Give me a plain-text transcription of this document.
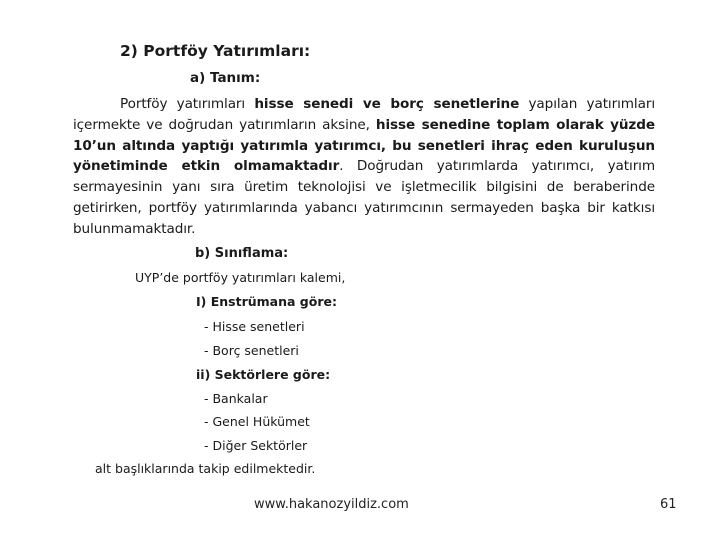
2) Portföy Yatırımları:
a) Tanım:
Portföy yatırımları hisse senedi ve borç senetlerine yapılan yatırımları içermekte ve doğrudan yatırımların aksine, hisse senedine toplam olarak yüzde 10’un altında yaptığı yatırımla yatırımcı, bu senetleri ihraç eden kuruluşun yönetiminde etkin olmamaktadır. Doğrudan yatırımlarda yatırımcı, yatırım sermayesinin yanı sıra üretim teknolojisi ve işletmecilik bilgisini de beraberinde getirirken, portföy yatırımlarında yabancı yatırımcının sermayeden başka bir katkısı bulunmamaktadır.
b) Sınıflama:
UYP’de portföy yatırımları kalemi,
I) Enstrümana göre:
- Hisse senetleri
- Borç senetleri
ii) Sektörlere göre:
- Bankalar
- Genel Hükümet
- Diğer Sektörler
alt başlıklarında takip edilmektedir.
www.hakanozyildiz.com	61
